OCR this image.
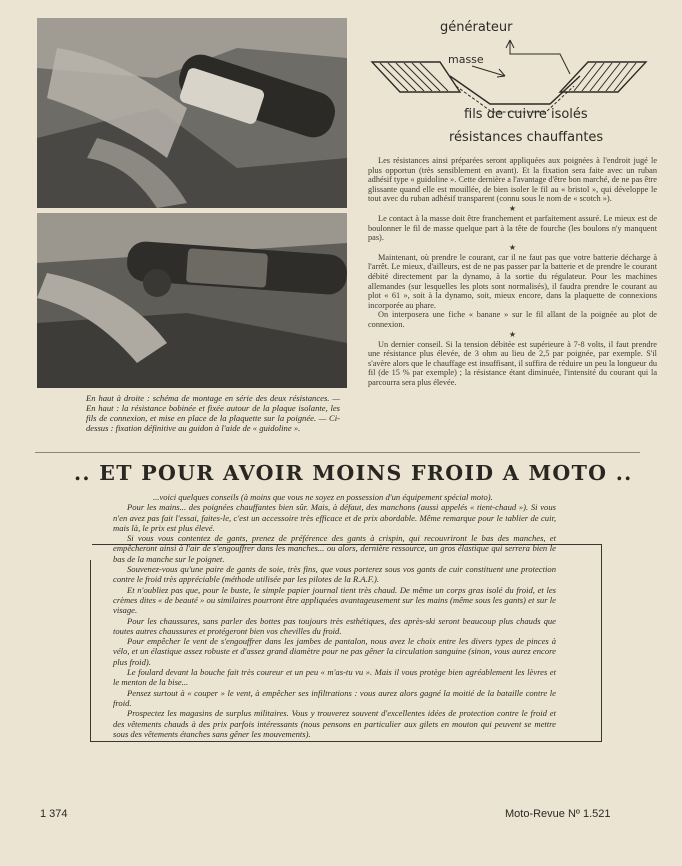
En haut à droite : schéma de montage en série des deux résistances. — En haut : la résistance bobinée et fixée autour de la plaque isolante, les fils de connexion, et mise en place de la plaquette sur la poignée. — Ci-dessus : fixation définitive au guidon à l'aide de « guidoline ».
générateur
masse
fils de cuivre isolés
résistances chauffantes

Les résistances ainsi préparées seront appliquées aux poignées à l'endroit jugé le plus opportun (très sensiblement en avant). Et la fixation sera faite avec un ruban adhésif type « guidoline ». Cette dernière a l'avantage d'être bon marché, de ne pas être glissante quand elle est mouillée, de bien isoler le fil au « bristol », qui développe le tout avec du ruban adhésif transparent (connu sous le nom de « scotch »).

★

Le contact à la masse doit être franchement et parfaitement assuré. Le mieux est de boulonner le fil de masse quelque part à la tête de fourche (les boulons n'y manquent pas).

★

Maintenant, où prendre le courant, car il ne faut pas que votre batterie décharge à l'arrêt. Le mieux, d'ailleurs, est de ne pas passer par la batterie et de prendre le courant débité directement par la dynamo, à la sortie du régulateur. Pour les machines allemandes (sur lesquelles les plots sont normalisés), il faudra prendre le courant au plot « 61 », soit à la dynamo, soit, mieux encore, dans la plaquette de connexions incorporée au phare.

On interposera une fiche « banane » sur le fil allant de la poignée au plot de connexion.

★

Un dernier conseil. Si la tension débitée est supérieure à 7-8 volts, il faut prendre une résistance plus élevée, de 3 ohm au lieu de 2,5 par poignée, par exemple. S'il s'avère alors que le chauffage est insuffisant, il suffira de réduire un peu la longueur du fil (de 15 % par exemple) ; la résistance étant diminuée, l'intensité du courant qui la parcourra sera plus élevée.

.. ET POUR AVOIR MOINS FROID A MOTO ..

...voici quelques conseils (à moins que vous ne soyez en possession d'un équipement spécial moto).

Pour les mains... des poignées chauffantes bien sûr. Mais, à défaut, des manchons (aussi appelés « tient-chaud »). Si vous n'en avez pas fait l'essai, faites-le, c'est un accessoire très efficace et de prix abordable. Même remarque pour le tablier de cuir, mais là, le prix est plus élevé.

Si vous vous contentez de gants, prenez de préférence des gants à crispin, qui recouvriront le bas des manches, et empêcheront ainsi à l'air de s'engouffrer dans les manches... ou alors, dernière ressource, un gros élastique qui serrera bien le bas de la manche sur le poignet.

Souvenez-vous qu'une paire de gants de soie, très fins, que vous porterez sous vos gants de cuir constituent une protection contre le froid très appréciable (méthode utilisée par les pilotes de la R.A.F.).

Et n'oubliez pas que, pour le buste, le simple papier journal tient très chaud. De même un corps gras isolé du froid, et les crèmes dites « de beauté » ou similaires pourront être appliquées avantageusement sur les mains (même sous les gants) et sur le visage.

Pour les chaussures, sans parler des bottes pas toujours très esthétiques, des après-ski seront beaucoup plus chauds que toutes autres chaussures et protégeront bien vos chevilles du froid.

Pour empêcher le vent de s'engouffrer dans les jambes de pantalon, nous avez le choix entre les divers types de pinces à vélo, et un élastique assez robuste et d'assez grand diamètre pour ne pas gêner la circulation sanguine (sinon, vous aurez encore plus froid).

Le foulard devant la bouche fait très coureur et un peu « m'as-tu vu ». Mais il vous protège bien agréablement les lèvres et le menton de la bise...

Pensez surtout à « couper » le vent, à empêcher ses infiltrations : vous aurez alors gagné la moitié de la bataille contre le froid.

Prospectez les magasins de surplus militaires. Vous y trouverez souvent d'excellentes idées de protection contre le froid et des vêtements chauds à des prix parfois intéressants (nous pensons en particulier aux gilets en mouton qui peuvent se mettre sous des vêtements étanches sans gêner les mouvements).

1 374	Moto-Revue Nº 1.521
